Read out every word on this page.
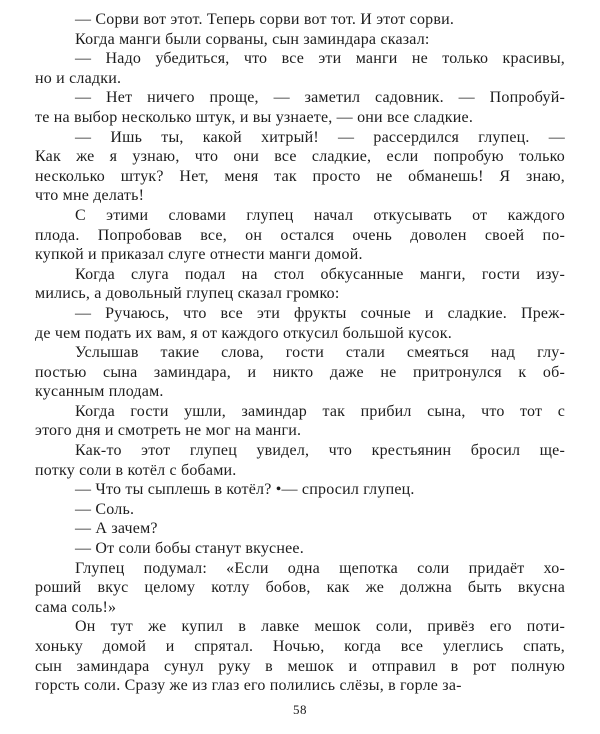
— Сорви вот этот. Теперь сорви вот тот. И этот сорви.
Когда манги были сорваны, сын заминдара сказал:
— Надо убедиться, что все эти манги не только красивы,
но и сладки.
— Нет ничего проще, — заметил садовник. — Попробуй-
те на выбор несколько штук, и вы узнаете, — они все сладкие.
— Ишь ты, какой хитрый! — рассердился глупец. —
Как же я узнаю, что они все сладкие, если попробую только
несколько штук? Нет, меня так просто не обманешь! Я знаю,
что мне делать!
С этими словами глупец начал откусывать от каждого
плода. Попробовав все, он остался очень доволен своей по-
купкой и приказал слуге отнести манги домой.
Когда слуга подал на стол обкусанные манги, гости изу-
мились, а довольный глупец сказал громко:
— Ручаюсь, что все эти фрукты сочные и сладкие. Преж-
де чем подать их вам, я от каждого откусил большой кусок.
Услышав такие слова, гости стали смеяться над глу-
постью сына заминдара, и никто даже не притронулся к об-
кусанным плодам.
Когда гости ушли, заминдар так прибил сына, что тот с
этого дня и смотреть не мог на манги.
Как-то этот глупец увидел, что крестьянин бросил ще-
потку соли в котёл с бобами.
— Что ты сыплешь в котёл? •— спросил глупец.
— Соль.
— А зачем?
— От соли бобы станут вкуснее.
Глупец подумал: «Если одна щепотка соли придаёт хо-
роший вкус целому котлу бобов, как же должна быть вкусна
сама соль!»
Он тут же купил в лавке мешок соли, привёз его поти-
хоньку домой и спрятал. Ночью, когда все улеглись спать,
сын заминдара сунул руку в мешок и отправил в рот полную
горсть соли. Сразу же из глаз его полились слёзы, в горле за-
58
